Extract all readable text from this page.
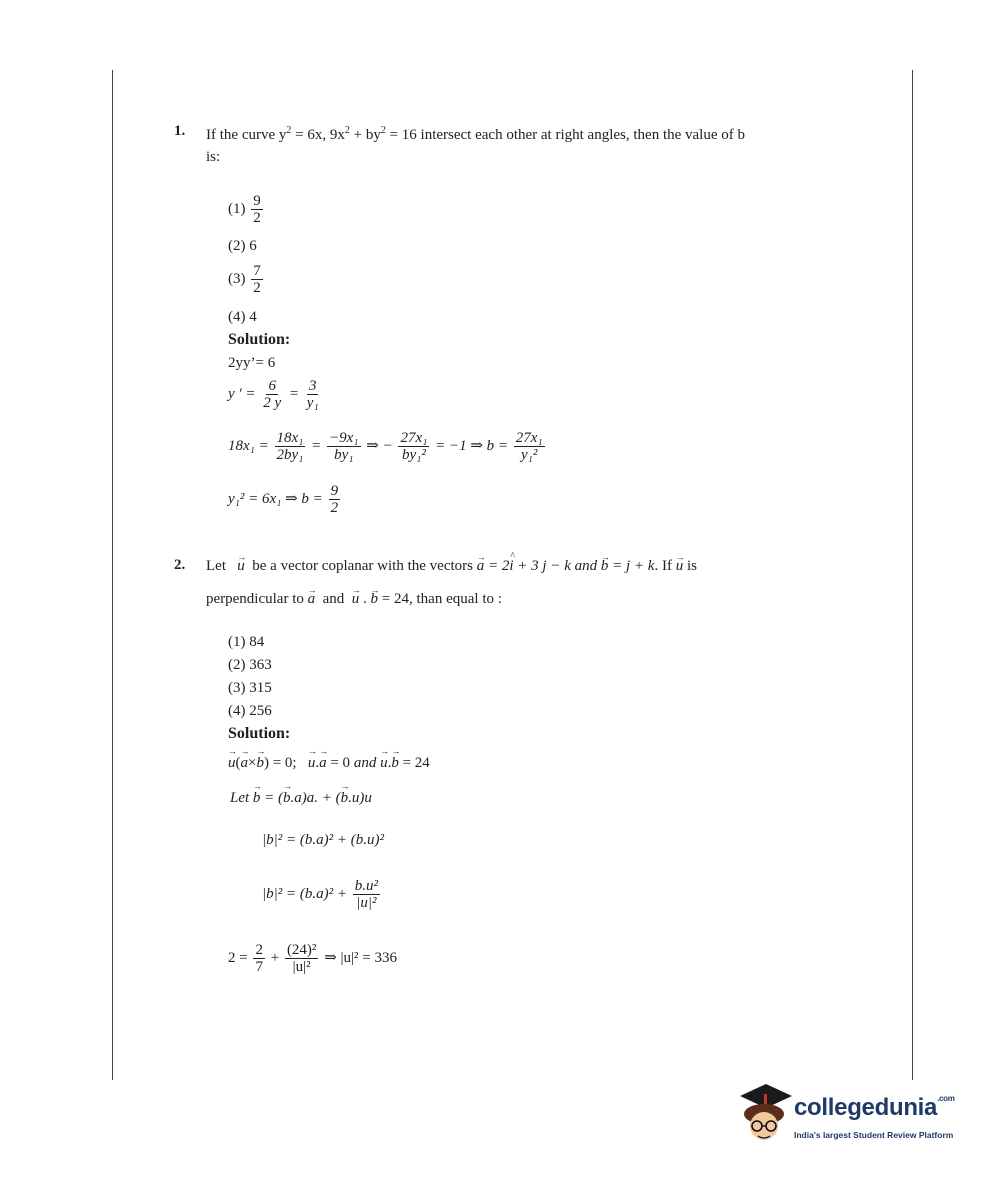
1. If the curve $y^2 = 6x$, $9x^2 + by^2 = 16$ intersect each other at right angles, then the value of b
is:
$(1) \frac{9}{2}$
(2) 6
$(3) \frac{7}{2}$
(4) 4
Solution:
2yy’= 6
y ' = $\frac{6}{2 y} = \frac{3}{\text{y₁}}$
$18x_1 = \frac{\text{18x₁}}{\text{2by₁}} = \frac{\text{−9x₁}}{\text{by₁}}$ ⇒ − $\frac{\text{27x₁}}{\text{by₁²}} = -1$ ⇒ $b = \frac{\text{27x₁}}{\text{y₁²}}$
y₁² = 6x₁ ⇒ $b = \frac{9}{2}$
2. Let → u be a vector coplanar with the vectors → a = 2^ i + 3 j − k and → b = j + k. If → u is
perpendicular to → a and → u . → b = 24, than equal to :
(1) 84
(2) 363
(3) 315
(4) 256
Solution:
→ u(→ a×→ b) = 0; → u.→ a = 0 and → u.→ b = 24
Let → b = (→ b.a)a. + (→ b.u)u
|b|² = (b.a)² + (b.u)²
$|b|^2 = (b.a)^2 + \frac{\text{b.u²}}{\text{|u|²}}$
$2 = \frac{2}{7} + \frac{\text{(24)²}}{\text{|u|²}}$ ⇒ |u|² = 336
collegedunia$^{.com}$
India's largest Student Review Platform
